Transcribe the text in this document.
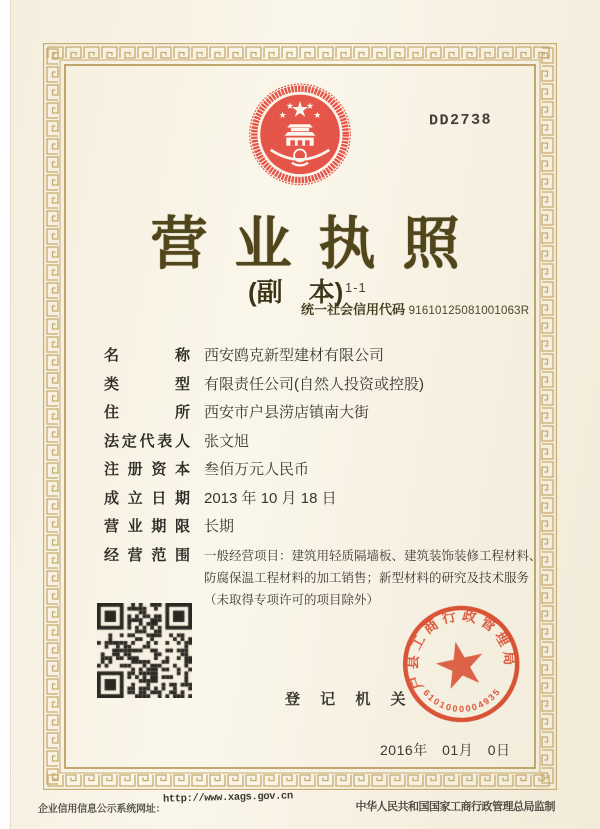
DD2738
营业执照
(副　本) 1-1
统一社会信用代码 91610125081001063R
名称 西安鸥克新型建材有限公司
类型 有限责任公司(自然人投资或控股)
住所 西安市户县涝店镇南大街
法定代表人 张文旭
注册资本 叁佰万元人民币
成立日期 2013 年 10 月 18 日
营业期限 长期
经营范围 一般经营项目：建筑用轻质隔墙板、建筑装饰装修工程材料、防腐保温工程材料的加工销售；新型材料的研究及技术服务（未取得专项许可的项目除外）
登 记 机 关
户县工商行政管理局
6101000004935
2016年　01月　0日
企业信用信息公示系统网址：
http://www.xags.gov.cn
中华人民共和国国家工商行政管理总局监制
